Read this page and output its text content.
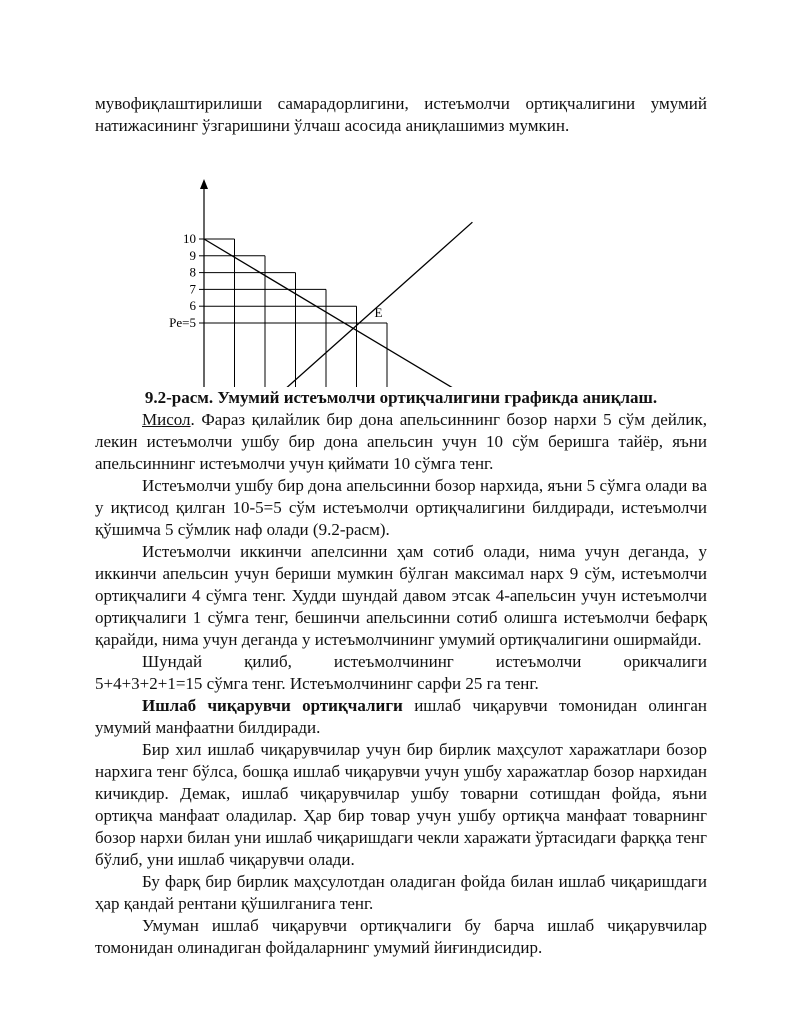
мувофиқлаштирилиши самарадорлигини, истеъмолчи ортиқчалигини умумий

натижасининг ўзгаришини ўлчаш асосида аниқлашимиз мумкин.

10
9
8
7
6
Pe=5
E

9.2-расм. Умумий истеъмолчи ортиқчалигини графикда аниқлаш.

Мисол. Фараз қилайлик бир дона апельсиннинг бозор нархи 5 сўм дейлик, лекин истеъмолчи ушбу бир дона апельсин учун 10 сўм беришга тайёр, яъни апельсиннинг истеъмолчи учун қиймати 10 сўмга тенг.

Истеъмолчи ушбу бир дона апельсинни бозор нархида, яъни 5 сўмга олади ва у иқтисод қилган 10-5=5 сўм истеъмолчи ортиқчалигини билдиради, истеъмолчи қўшимча 5 сўмлик наф олади (9.2-расм).

Истеъмолчи иккинчи апелсинни ҳам сотиб олади, нима учун деганда, у иккинчи апельсин учун бериши мумкин бўлган максимал нарх 9 сўм, истеъмолчи ортиқчалиги 4 сўмга тенг. Худди шундай давом этсак 4-апельсин учун истеъмолчи ортиқчалиги 1 сўмга тенг, бешинчи апельсинни сотиб олишга истеъмолчи бефарқ қарайди, нима учун деганда у истеъмолчининг умумий ортиқчалигини оширмайди.

Шундай қилиб, истеъмолчининг истеъмолчи орикчалиги

5+4+3+2+1=15 сўмга тенг. Истеъмолчининг сарфи 25 га тенг.

Ишлаб чиқарувчи ортиқчалиги ишлаб чиқарувчи томонидан олинган умумий манфаатни билдиради.

Бир хил ишлаб чиқарувчилар учун бир бирлик маҳсулот харажатлари бозор нархига тенг бўлса, бошқа ишлаб чиқарувчи учун ушбу харажатлар бозор нархидан кичикдир. Демак, ишлаб чиқарувчилар ушбу товарни сотишдан фойда, яъни ортиқча манфаат оладилар. Ҳар бир товар учун ушбу ортиқча манфаат товарнинг бозор нархи билан уни ишлаб чиқаришдаги чекли харажати ўртасидаги фарққа тенг бўлиб, уни ишлаб чиқарувчи олади.

Бу фарқ бир бирлик маҳсулотдан оладиган фойда билан ишлаб чиқаришдаги ҳар қандай рентани қўшилганига тенг.

Умуман ишлаб чиқарувчи ортиқчалиги бу барча ишлаб чиқарувчилар томонидан олинадиган фойдаларнинг умумий йиғиндисидир.
